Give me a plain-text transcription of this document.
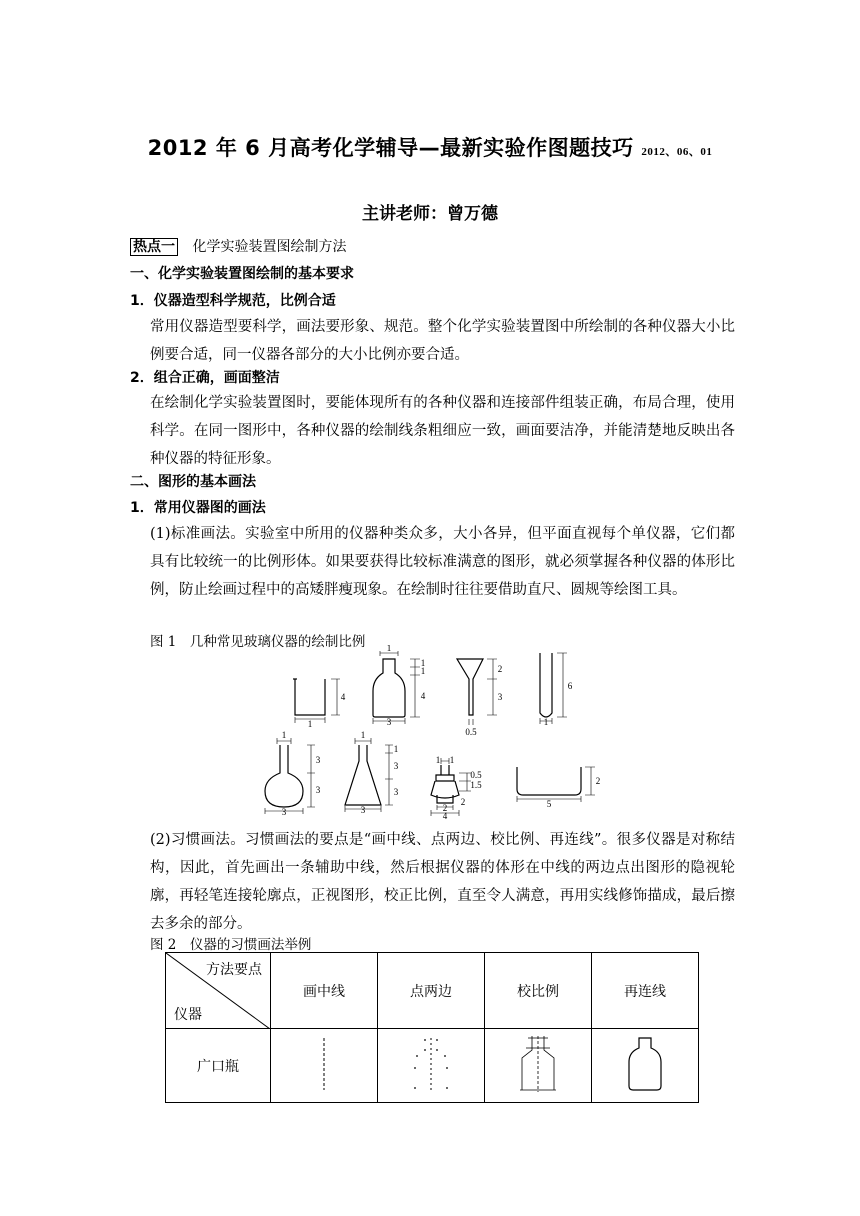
2012 年 6 月高考化学辅导—最新实验作图题技巧 2012、06、01
主讲老师：曾万德
热点一 化学实验装置图绘制方法
一、化学实验装置图绘制的基本要求
1．仪器造型科学规范，比例合适
常用仪器造型要科学，画法要形象、规范。整个化学实验装置图中所绘制的各种仪器大小比例要合适，同一仪器各部分的大小比例亦要合适。
2．组合正确，画面整洁
在绘制化学实验装置图时，要能体现所有的各种仪器和连接部件组装正确，布局合理，使用科学。在同一图形中，各种仪器的绘制线条粗细应一致，画面要洁净，并能清楚地反映出各种仪器的特征形象。
二、图形的基本画法
1．常用仪器图的画法
(1)标准画法。实验室中所用的仪器种类众多，大小各异，但平面直视每个单仪器，它们都具有比较统一的比例形体。如果要获得比较标准满意的图形，就必须掌握各种仪器的体形比例，防止绘画过程中的高矮胖瘦现象。在绘制时往往要借助直尺、圆规等绘图工具。
图 1　几种常见玻璃仪器的绘制比例
1
4
1
1
1
4
3
2
3
0.5
6
1
1
3
3
3
1
1
3
3
3
1 1
0.5
1.5
2
2
4
2
5
(2)习惯画法。习惯画法的要点是“画中线、点两边、校比例、再连线”。很多仪器是对称结构，因此，首先画出一条辅助中线，然后根据仪器的体形在中线的两边点出图形的隐视轮廓，再轻笔连接轮廓点，正视图形，校正比例，直至令人满意，再用实线修饰描成，最后擦去多余的部分。
图 2　仪器的习惯画法举例
方法要点
仪器	画中线	点两边	校比例	再连线
广口瓶				
